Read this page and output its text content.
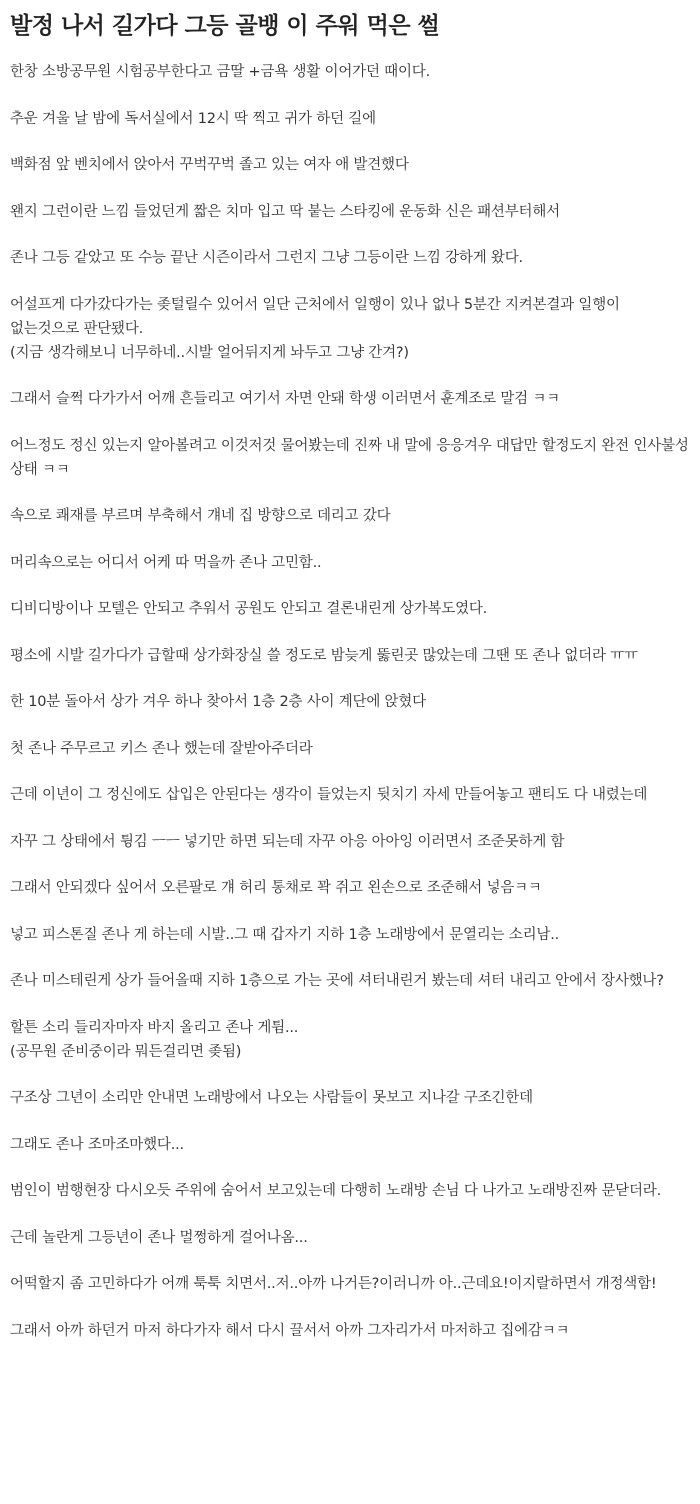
발정 나서 길가다 그등 골뱅 이 주워 먹은 썰

한창 소방공무원 시험공부한다고 금딸 +금욕 생활 이어가던 때이다.

추운 겨울 날 밤에 독서실에서 12시 딱 찍고 귀가 하던 길에

백화점 앞 벤치에서 앉아서 꾸벅꾸벅 졸고 있는 여자 애 발견했다

왠지 그런이란 느낌 들었던게 짧은 치마 입고 딱 붙는 스타킹에 운동화 신은 패션부터해서

존나 그등 같았고 또 수능 끝난 시즌이라서 그런지 그냥 그등이란 느낌 강하게 왔다.

어설프게 다가갔다가는 좆털릴수 있어서 일단 근처에서 일행이 있나 없나 5분간 지켜본결과 일행이 없는것으로 판단됐다.
(지금 생각해보니 너무하네..시발 얼어뒤지게 놔두고 그냥 간겨?)

그래서 슬쩍 다가가서 어깨 흔들리고 여기서 자면 안돼 학생 이러면서 훈계조로 말검 ㅋㅋ

어느정도 정신 있는지 알아볼려고 이것저것 물어봤는데 진짜 내 말에 응응겨우 대답만 할정도지 완전 인사불성 상태 ㅋㅋ

속으로 쾌재를 부르며 부축해서 걔네 집 방향으로 데리고 갔다

머리속으로는 어디서 어케 따 먹을까 존나 고민함..

디비디방이나 모텔은 안되고 추워서 공원도 안되고 결론내린게 상가복도였다.

평소에 시발 길가다가 급할때 상가화장실 쓸 정도로 밤늦게 뚫린곳 많았는데 그땐 또 존나 없더라 ㅠㅠ

한 10분 돌아서 상가 겨우 하나 찾아서 1층 2층 사이 계단에 앉혔다

첫 존나 주무르고 키스 존나 했는데 잘받아주더라

근데 이년이 그 정신에도 삽입은 안된다는 생각이 들었는지 뒷치기 자세 만들어놓고 팬티도 다 내렸는데

자꾸 그 상태에서 튕김 ㅡㅡ 넣기만 하면 되는데 자꾸 아응 아아잉 이러면서 조준못하게 함

그래서 안되겠다 싶어서 오른팔로 걔 허리 통채로 꽉 쥐고 왼손으로 조준해서 넣음ㅋㅋ

넣고 피스톤질 존나 게 하는데 시발..그 때 갑자기 지하 1층 노래방에서 문열리는 소리남..

존나 미스테린게 상가 들어올때 지하 1층으로 가는 곳에 셔터내린거 봤는데 셔터 내리고 안에서 장사했나?

할튼 소리 들리자마자 바지 올리고 존나 게튐...
(공무원 준비중이라 뭐든걸리면 좆됨)

구조상 그년이 소리만 안내면 노래방에서 나오는 사람들이 못보고 지나갈 구조긴한데

그래도 존나 조마조마했다...

범인이 범행현장 다시오듯 주위에 숨어서 보고있는데 다행히 노래방 손님 다 나가고 노래방진짜 문닫더라.

근데 놀란게 그등년이 존나 멀쩡하게 걸어나옴...

어떡할지 좀 고민하다가 어깨 툭툭 치면서..저..아까 나거든?이러니까 아..근데요!이지랄하면서 개정색함!

그래서 아까 하던거 마저 하다가자 해서 다시 끌서서 아까 그자리가서 마저하고 집에감ㅋㅋ
